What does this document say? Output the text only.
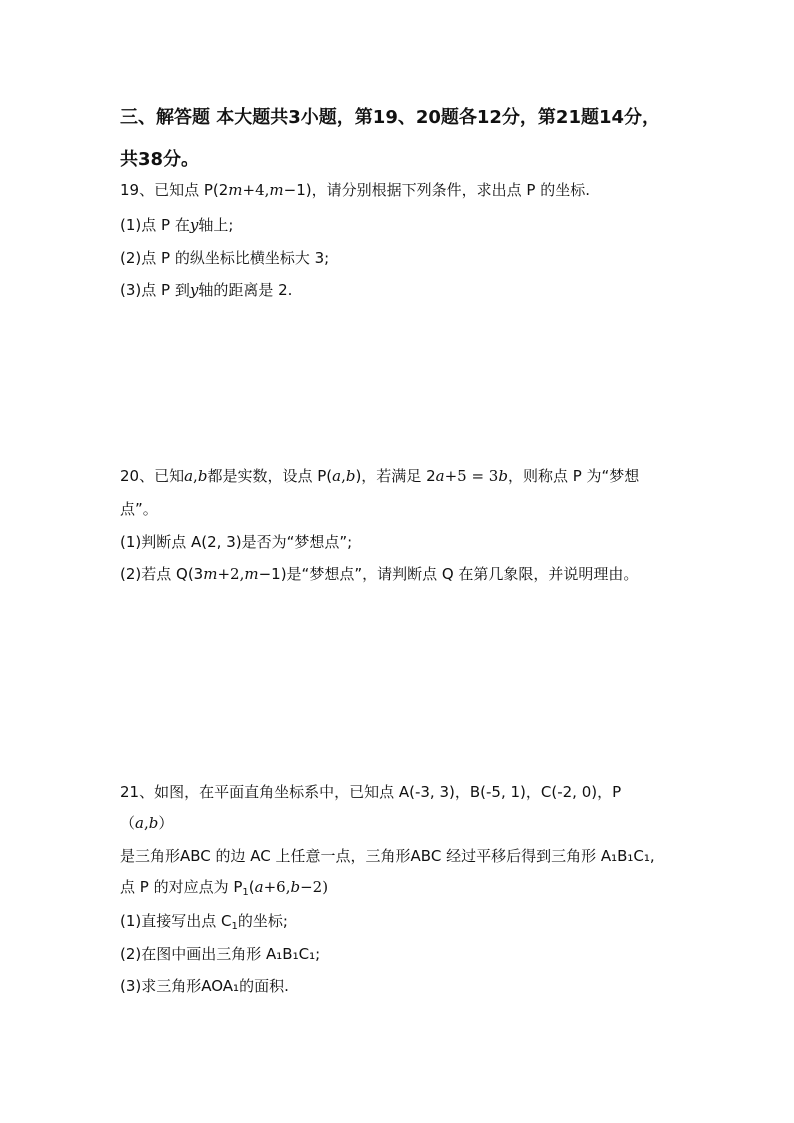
三、解答题 本大题共3小题，第19、20题各12分，第21题14分，
共38分。
19、已知点 P(2m+4,m−1)，请分别根据下列条件，求出点 P 的坐标.
(1)点 P 在y轴上;
(2)点 P 的纵坐标比横坐标大 3;
(3)点 P 到y轴的距离是 2.
20、已知a,b都是实数，设点 P(a,b)，若满足 2a+5 = 3b，则称点 P 为“梦想
点”。
(1)判断点 A(2, 3)是否为“梦想点”;
(2)若点 Q(3m+2,m−1)是“梦想点”，请判断点 Q 在第几象限，并说明理由。
21、如图，在平面直角坐标系中，已知点 A(-3, 3)，B(-5, 1)，C(-2, 0)，P
（a,b）
是三角形ABC 的边 AC 上任意一点，三角形ABC 经过平移后得到三角形 A₁B₁C₁,
点 P 的对应点为 $P_1(a+6,b-2)$
(1)直接写出点 $C_1$的坐标;
(2)在图中画出三角形 A₁B₁C₁;
(3)求三角形AOA₁的面积.
